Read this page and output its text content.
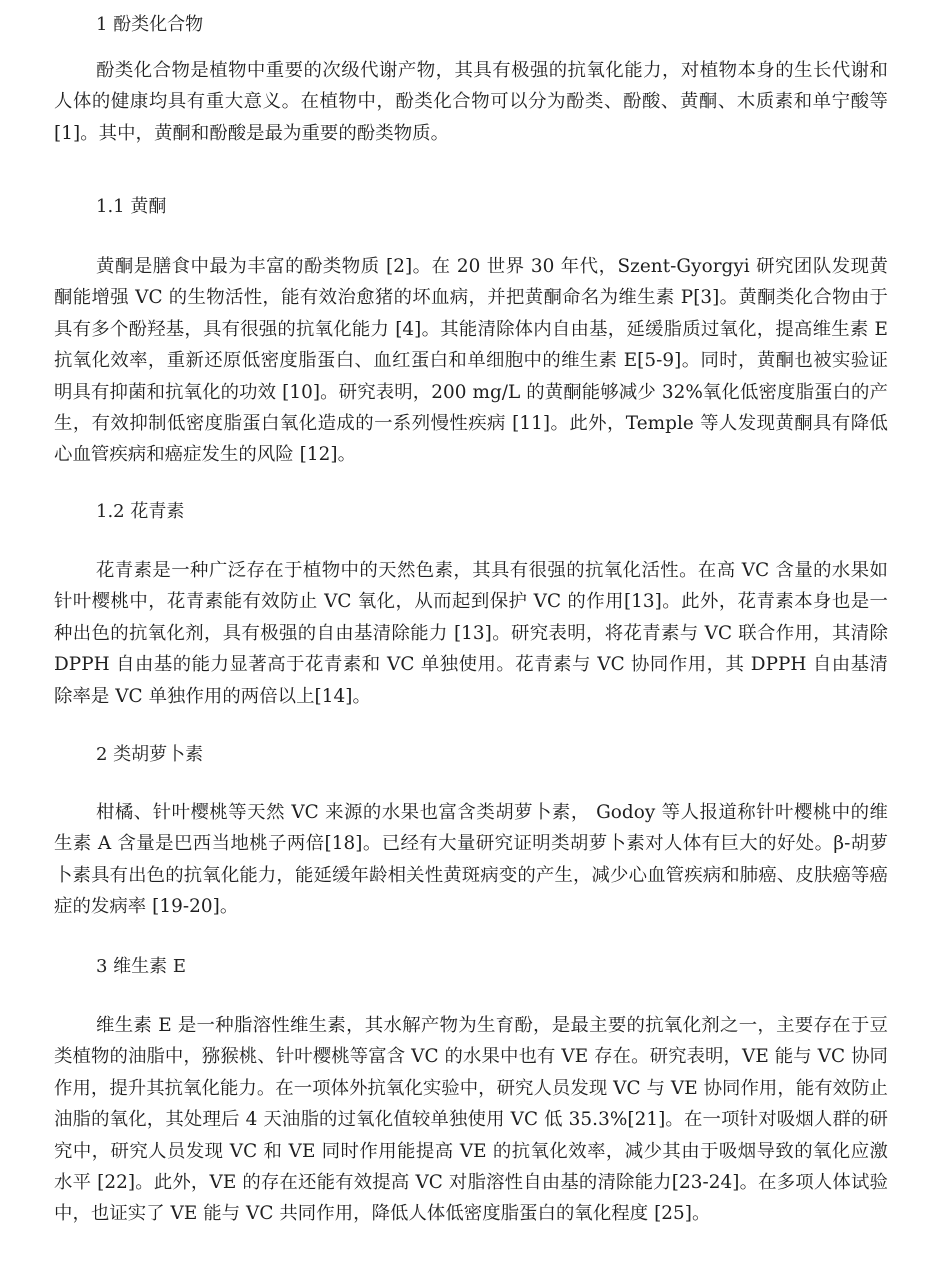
1 酚类化合物

酚类化合物是植物中重要的次级代谢产物，其具有极强的抗氧化能力，对植物本身的生长代谢和人体的健康均具有重大意义。在植物中，酚类化合物可以分为酚类、酚酸、黄酮、木质素和单宁酸等[1]。其中，黄酮和酚酸是最为重要的酚类物质。

1.1 黄酮

黄酮是膳食中最为丰富的酚类物质 [2]。在 20 世界 30 年代，Szent-Gyorgyi 研究团队发现黄酮能增强 VC 的生物活性，能有效治愈猪的坏血病，并把黄酮命名为维生素 P[3]。黄酮类化合物由于具有多个酚羟基，具有很强的抗氧化能力 [4]。其能清除体内自由基，延缓脂质过氧化，提高维生素 E 抗氧化效率，重新还原低密度脂蛋白、血红蛋白和单细胞中的维生素 E[5-9]。同时，黄酮也被实验证明具有抑菌和抗氧化的功效 [10]。研究表明，200 mg/L 的黄酮能够减少 32%氧化低密度脂蛋白的产生，有效抑制低密度脂蛋白氧化造成的一系列慢性疾病 [11]。此外，Temple 等人发现黄酮具有降低心血管疾病和癌症发生的风险 [12]。

1.2 花青素

花青素是一种广泛存在于植物中的天然色素，其具有很强的抗氧化活性。在高 VC 含量的水果如针叶樱桃中，花青素能有效防止 VC 氧化，从而起到保护 VC 的作用[13]。此外，花青素本身也是一种出色的抗氧化剂，具有极强的自由基清除能力 [13]。研究表明，将花青素与 VC 联合作用，其清除 DPPH 自由基的能力显著高于花青素和 VC 单独使用。花青素与 VC 协同作用，其 DPPH 自由基清除率是 VC 单独作用的两倍以上[14]。

2 类胡萝卜素

柑橘、针叶樱桃等天然 VC 来源的水果也富含类胡萝卜素， Godoy 等人报道称针叶樱桃中的维生素 A 含量是巴西当地桃子两倍[18]。已经有大量研究证明类胡萝卜素对人体有巨大的好处。β-胡萝卜素具有出色的抗氧化能力，能延缓年龄相关性黄斑病变的产生，减少心血管疾病和肺癌、皮肤癌等癌症的发病率 [19-20]。

3 维生素 E

维生素 E 是一种脂溶性维生素，其水解产物为生育酚，是最主要的抗氧化剂之一，主要存在于豆类植物的油脂中，猕猴桃、针叶樱桃等富含 VC 的水果中也有 VE 存在。研究表明，VE 能与 VC 协同作用，提升其抗氧化能力。在一项体外抗氧化实验中，研究人员发现 VC 与 VE 协同作用，能有效防止油脂的氧化，其处理后 4 天油脂的过氧化值较单独使用 VC 低 35.3%[21]。在一项针对吸烟人群的研究中，研究人员发现 VC 和 VE 同时作用能提高 VE 的抗氧化效率，减少其由于吸烟导致的氧化应激水平 [22]。此外，VE 的存在还能有效提高 VC 对脂溶性自由基的清除能力[23-24]。在多项人体试验中，也证实了 VE 能与 VC 共同作用，降低人体低密度脂蛋白的氧化程度 [25]。
